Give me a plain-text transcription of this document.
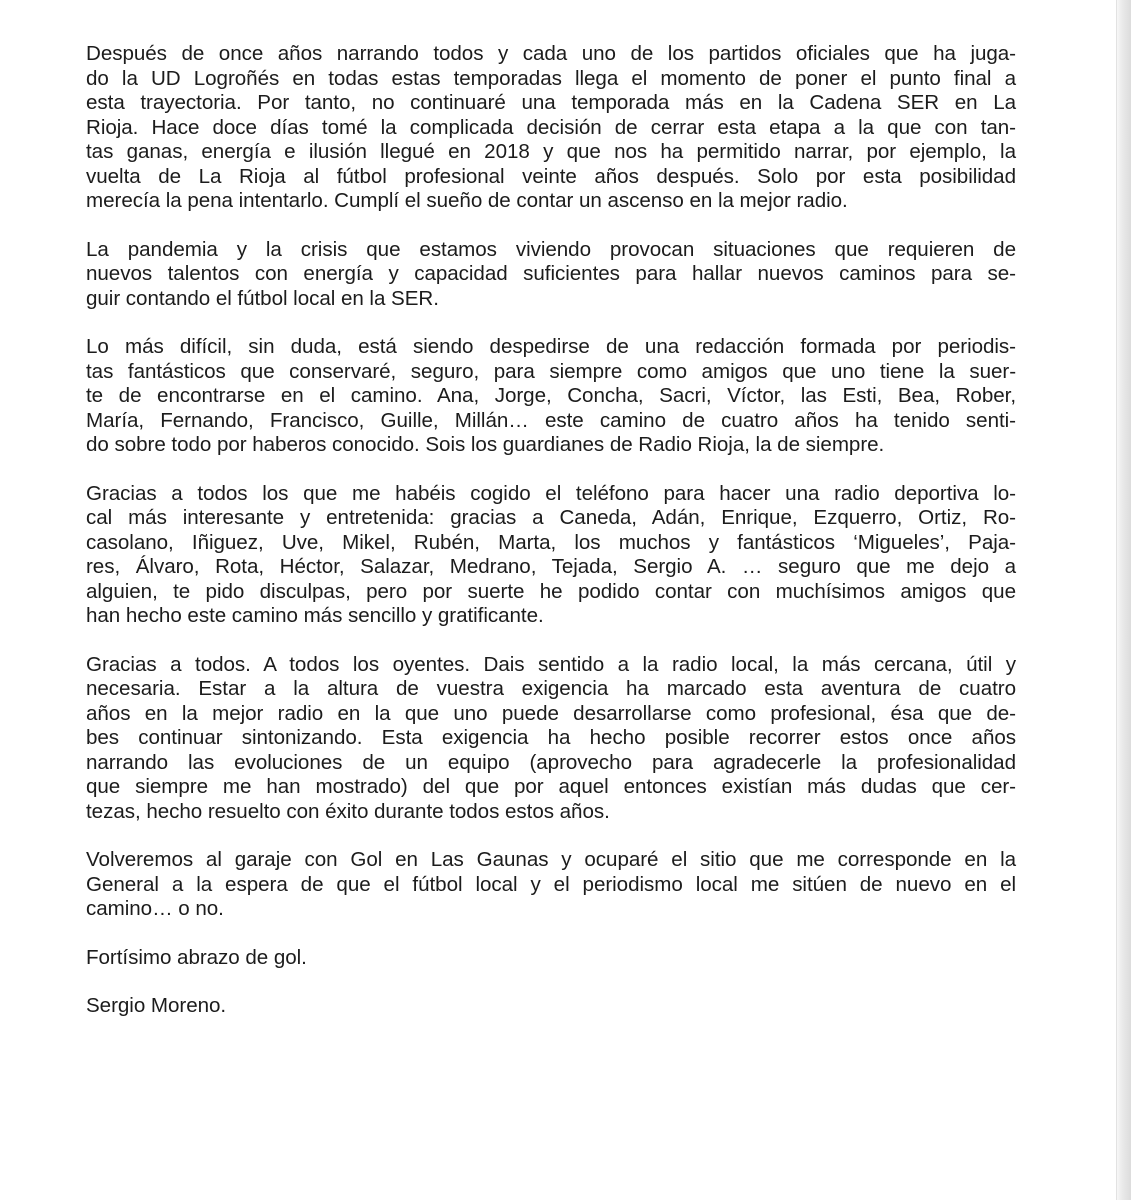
Después de once años narrando todos y cada uno de los partidos oficiales que ha juga-
do la UD Logroñés en todas estas temporadas llega el momento de poner el punto final a
esta trayectoria. Por tanto, no continuaré una temporada más en la Cadena SER en La
Rioja. Hace doce días tomé la complicada decisión de cerrar esta etapa a la que con tan-
tas ganas, energía e ilusión llegué en 2018 y que nos ha permitido narrar, por ejemplo, la
vuelta de La Rioja al fútbol profesional veinte años después. Solo por esta posibilidad
merecía la pena intentarlo. Cumplí el sueño de contar un ascenso en la mejor radio.

La pandemia y la crisis que estamos viviendo provocan situaciones que requieren de
nuevos talentos con energía y capacidad suficientes para hallar nuevos caminos para se-
guir contando el fútbol local en la SER.

Lo más difícil, sin duda, está siendo despedirse de una redacción formada por periodis-
tas fantásticos que conservaré, seguro, para siempre como amigos que uno tiene la suer-
te de encontrarse en el camino. Ana, Jorge, Concha, Sacri, Víctor, las Esti, Bea, Rober,
María, Fernando, Francisco, Guille, Millán… este camino de cuatro años ha tenido senti-
do sobre todo por haberos conocido. Sois los guardianes de Radio Rioja, la de siempre.

Gracias a todos los que me habéis cogido el teléfono para hacer una radio deportiva lo-
cal más interesante y entretenida: gracias a Caneda, Adán, Enrique, Ezquerro, Ortiz, Ro-
casolano, Iñiguez, Uve, Mikel, Rubén, Marta, los muchos y fantásticos ‘Migueles’, Paja-
res, Álvaro, Rota, Héctor, Salazar, Medrano, Tejada, Sergio A. … seguro que me dejo a
alguien, te pido disculpas, pero por suerte he podido contar con muchísimos amigos que
han hecho este camino más sencillo y gratificante.

Gracias a todos. A todos los oyentes. Dais sentido a la radio local, la más cercana, útil y
necesaria. Estar a la altura de vuestra exigencia ha marcado esta aventura de cuatro
años en la mejor radio en la que uno puede desarrollarse como profesional, ésa que de-
bes continuar sintonizando. Esta exigencia ha hecho posible recorrer estos once años
narrando las evoluciones de un equipo (aprovecho para agradecerle la profesionalidad
que siempre me han mostrado) del que por aquel entonces existían más dudas que cer-
tezas, hecho resuelto con éxito durante todos estos años.

Volveremos al garaje con Gol en Las Gaunas y ocuparé el sitio que me corresponde en la
General a la espera de que el fútbol local y el periodismo local me sitúen de nuevo en el
camino… o no.

Fortísimo abrazo de gol.

Sergio Moreno.
